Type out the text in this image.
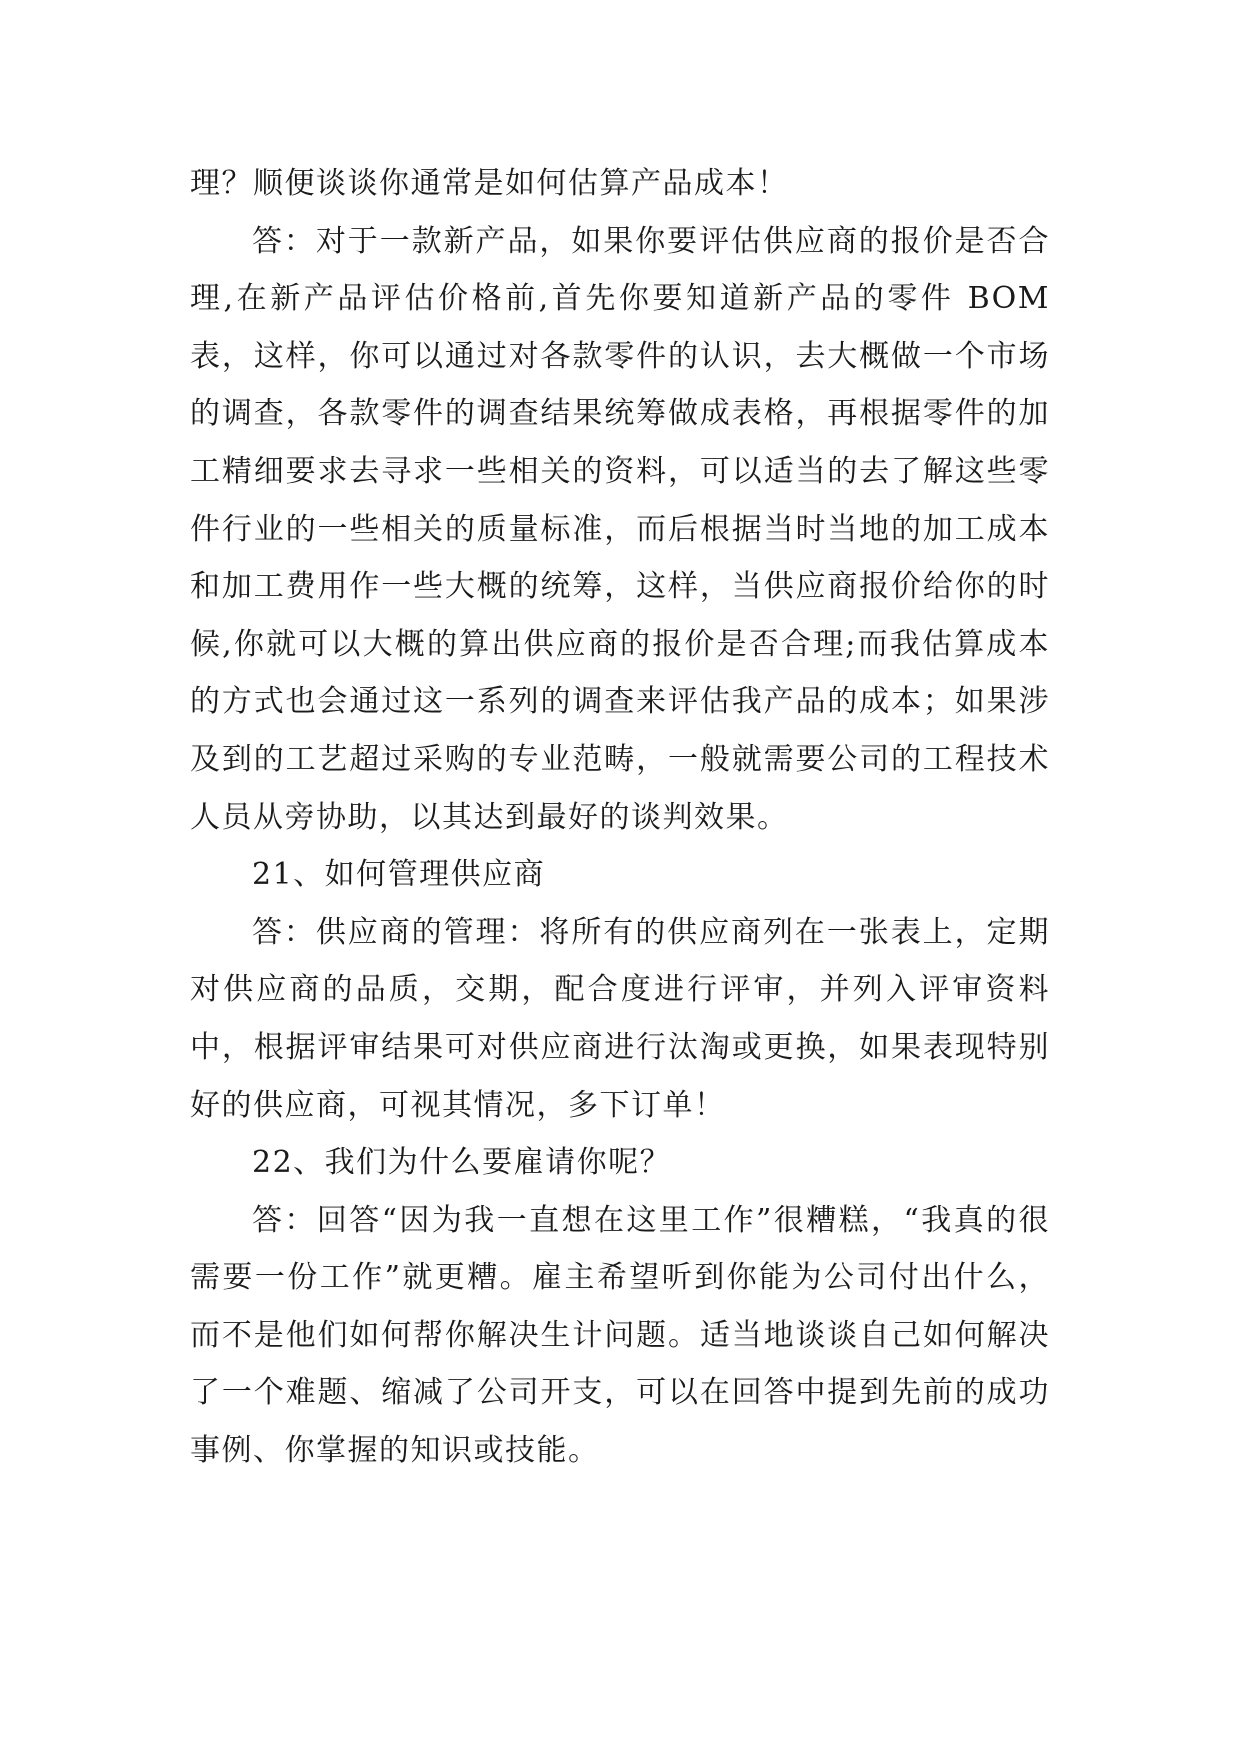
理？顺便谈谈你通常是如何估算产品成本！

答：对于一款新产品，如果你要评估供应商的报价是否合理,在新产品评估价格前,首先你要知道新产品的零件 BOM 表，这样，你可以通过对各款零件的认识，去大概做一个市场的调查，各款零件的调查结果统筹做成表格，再根据零件的加工精细要求去寻求一些相关的资料，可以适当的去了解这些零件行业的一些相关的质量标准，而后根据当时当地的加工成本和加工费用作一些大概的统筹，这样，当供应商报价给你的时候,你就可以大概的算出供应商的报价是否合理;而我估算成本的方式也会通过这一系列的调查来评估我产品的成本；如果涉及到的工艺超过采购的专业范畴，一般就需要公司的工程技术人员从旁协助，以其达到最好的谈判效果。

21、如何管理供应商

答：供应商的管理：将所有的供应商列在一张表上，定期对供应商的品质，交期，配合度进行评审，并列入评审资料中，根据评审结果可对供应商进行汰淘或更换，如果表现特别好的供应商，可视其情况，多下订单！

22、我们为什么要雇请你呢？

答：回答“因为我一直想在这里工作”很糟糕，“我真的很需要一份工作”就更糟。雇主希望听到你能为公司付出什么，而不是他们如何帮你解决生计问题。适当地谈谈自己如何解决了一个难题、缩减了公司开支，可以在回答中提到先前的成功事例、你掌握的知识或技能。
